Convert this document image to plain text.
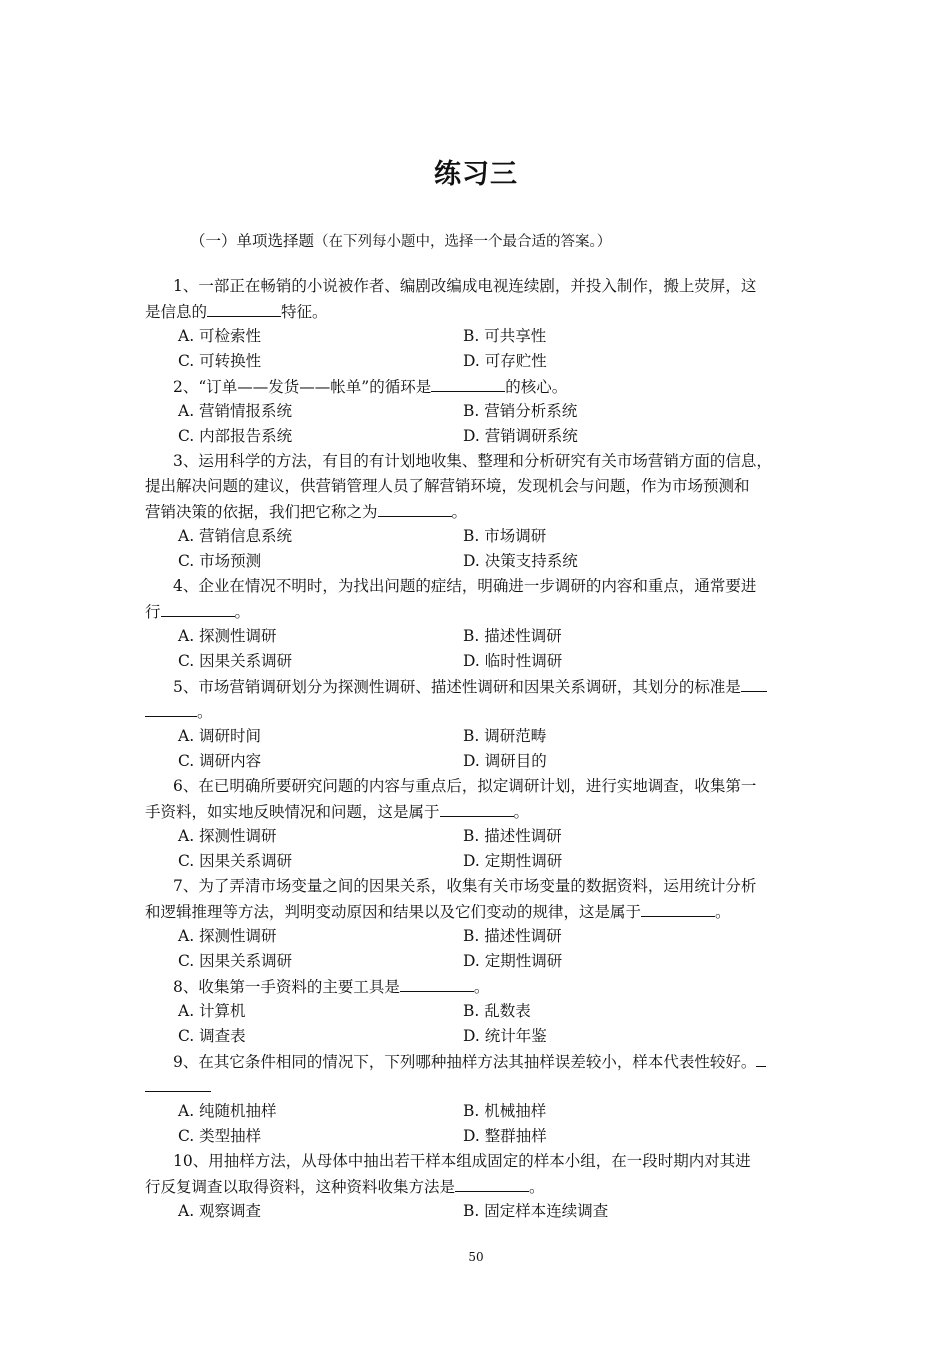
练习三
（一）单项选择题（在下列每小题中，选择一个最合适的答案。）
1、一部正在畅销的小说被作者、编剧改编成电视连续剧，并投入制作，搬上荧屏，这
是信息的	特征。
A. 可检索性	B. 可共享性
C. 可转换性	D. 可存贮性
2、“订单——发货——帐单”的循环是	的核心。
A. 营销情报系统	B. 营销分析系统
C. 内部报告系统	D. 营销调研系统
3、运用科学的方法，有目的有计划地收集、整理和分析研究有关市场营销方面的信息，
提出解决问题的建议，供营销管理人员了解营销环境，发现机会与问题，作为市场预测和
营销决策的依据，我们把它称之为	。
A. 营销信息系统	B. 市场调研
C. 市场预测	D. 决策支持系统
4、企业在情况不明时，为找出问题的症结，明确进一步调研的内容和重点，通常要进
行	。
A. 探测性调研	B. 描述性调研
C. 因果关系调研	D. 临时性调研
5、市场营销调研划分为探测性调研、描述性调研和因果关系调研，其划分的标准是
。
A. 调研时间	B. 调研范畴
C. 调研内容	D. 调研目的
6、在已明确所要研究问题的内容与重点后，拟定调研计划，进行实地调查，收集第一
手资料，如实地反映情况和问题，这是属于	。
A. 探测性调研	B. 描述性调研
C. 因果关系调研	D. 定期性调研
7、为了弄清市场变量之间的因果关系，收集有关市场变量的数据资料，运用统计分析
和逻辑推理等方法，判明变动原因和结果以及它们变动的规律，这是属于	。
A. 探测性调研	B. 描述性调研
C. 因果关系调研	D. 定期性调研
8、收集第一手资料的主要工具是	。
A. 计算机	B. 乱数表
C. 调查表	D. 统计年鉴
9、在其它条件相同的情况下，下列哪种抽样方法其抽样误差较小，样本代表性较好。
A. 纯随机抽样	B. 机械抽样
C. 类型抽样	D. 整群抽样
10、用抽样方法，从母体中抽出若干样本组成固定的样本小组，在一段时期内对其进
行反复调查以取得资料，这种资料收集方法是	。
A. 观察调查	B. 固定样本连续调查
50
